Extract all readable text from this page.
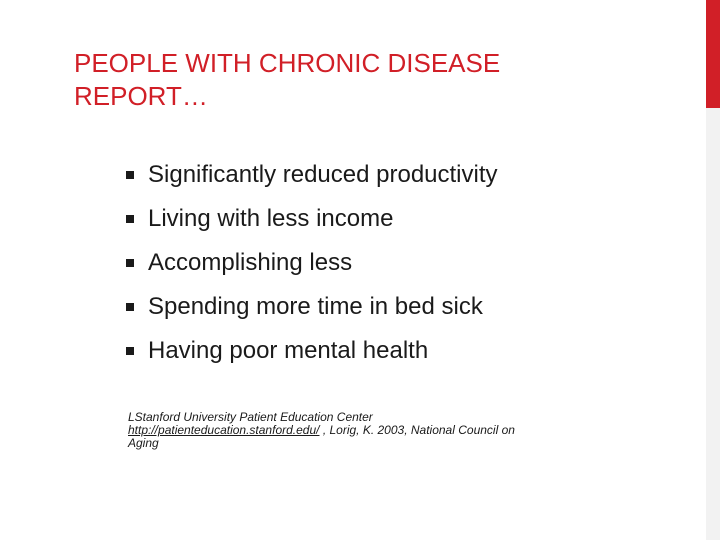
PEOPLE WITH CHRONIC DISEASE
REPORT…
Significantly reduced productivity
Living with less income
Accomplishing less
Spending more time in bed sick
Having poor mental health
LStanford University Patient Education Center
http://patienteducation.stanford.edu/ , Lorig, K. 2003, National Council on
Aging
